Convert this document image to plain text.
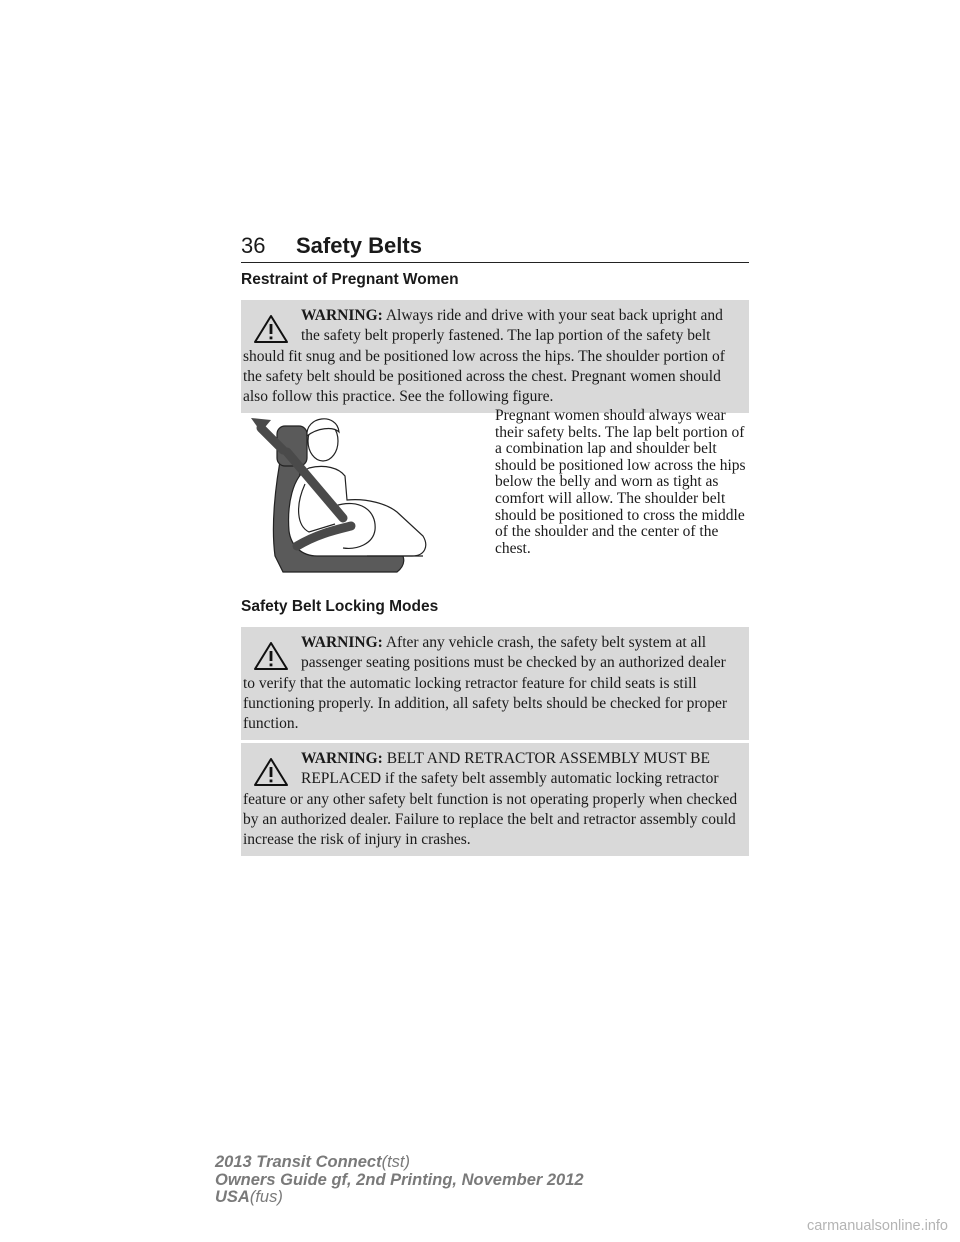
36 Safety Belts
Restraint of Pregnant Women
WARNING: Always ride and drive with your seat back upright and the safety belt properly fastened. The lap portion of the safety belt should fit snug and be positioned low across the hips. The shoulder portion of the safety belt should be positioned across the chest. Pregnant women should also follow this practice. See the following figure.
Pregnant women should always wear their safety belts. The lap belt portion of a combination lap and shoulder belt should be positioned low across the hips below the belly and worn as tight as comfort will allow. The shoulder belt should be positioned to cross the middle of the shoulder and the center of the chest.
Safety Belt Locking Modes
WARNING: After any vehicle crash, the safety belt system at all passenger seating positions must be checked by an authorized dealer to verify that the automatic locking retractor feature for child seats is still functioning properly. In addition, all safety belts should be checked for proper function.
WARNING: BELT AND RETRACTOR ASSEMBLY MUST BE REPLACED if the safety belt assembly automatic locking retractor feature or any other safety belt function is not operating properly when checked by an authorized dealer. Failure to replace the belt and retractor assembly could increase the risk of injury in crashes.
2013 Transit Connect(tst)
Owners Guide gf, 2nd Printing, November 2012
USA(fus)
carmanualsonline.info
